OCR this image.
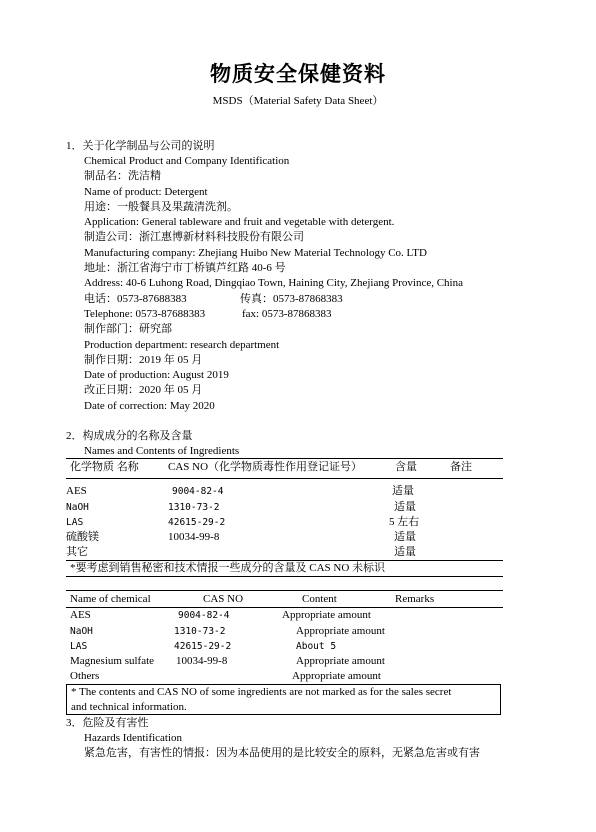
物质安全保健资料
MSDS（Material Safety Data Sheet）
1．关于化学制品与公司的说明
Chemical Product and Company Identification
制品名：洗洁精
Name of product: Detergent
用途：一般餐具及果蔬清洗剂。
Application: General tableware and fruit and vegetable with detergent.
制造公司：浙江惠博新材料科技股份有限公司
Manufacturing company: Zhejiang Huibo New Material Technology Co. LTD
地址：浙江省海宁市丁桥镇芦红路 40-6 号
Address: 40-6 Luhong Road, Dingqiao Town, Haining City, Zhejiang Province, China
电话：0573-87688383	传真：0573-87868383
Telephone: 0573-87688383	fax: 0573-87868383
制作部门：研究部
Production department: research department
制作日期：2019 年 05 月
Date of production: August 2019
改正日期：2020 年 05 月
Date of correction: May 2020
2．构成成分的名称及含量
Names and Contents of Ingredients
化学物质 名称	CAS NO（化学物质毒性作用登记证号）	含量	备注
AES	9004-82-4	适量
NaOH	1310-73-2	适量
LAS	42615-29-2	5 左右
硫酸镁	10034-99-8	适量
其它	适量
*要考虑到销售秘密和技术情报一些成分的含量及 CAS NO 未标识
Name of chemical	CAS NO	Content	Remarks
AES	9004-82-4	Appropriate amount
NaOH	1310-73-2	Appropriate amount
LAS	42615-29-2	About 5
Magnesium sulfate 10034-99-8	Appropriate amount
Others	Appropriate amount
* The contents and CAS NO of some ingredients are not marked as for the sales secret
and technical information.
3．危险及有害性
Hazards Identification
紧急危害，有害性的情报：因为本品使用的是比较安全的原料，无紧急危害或有害
